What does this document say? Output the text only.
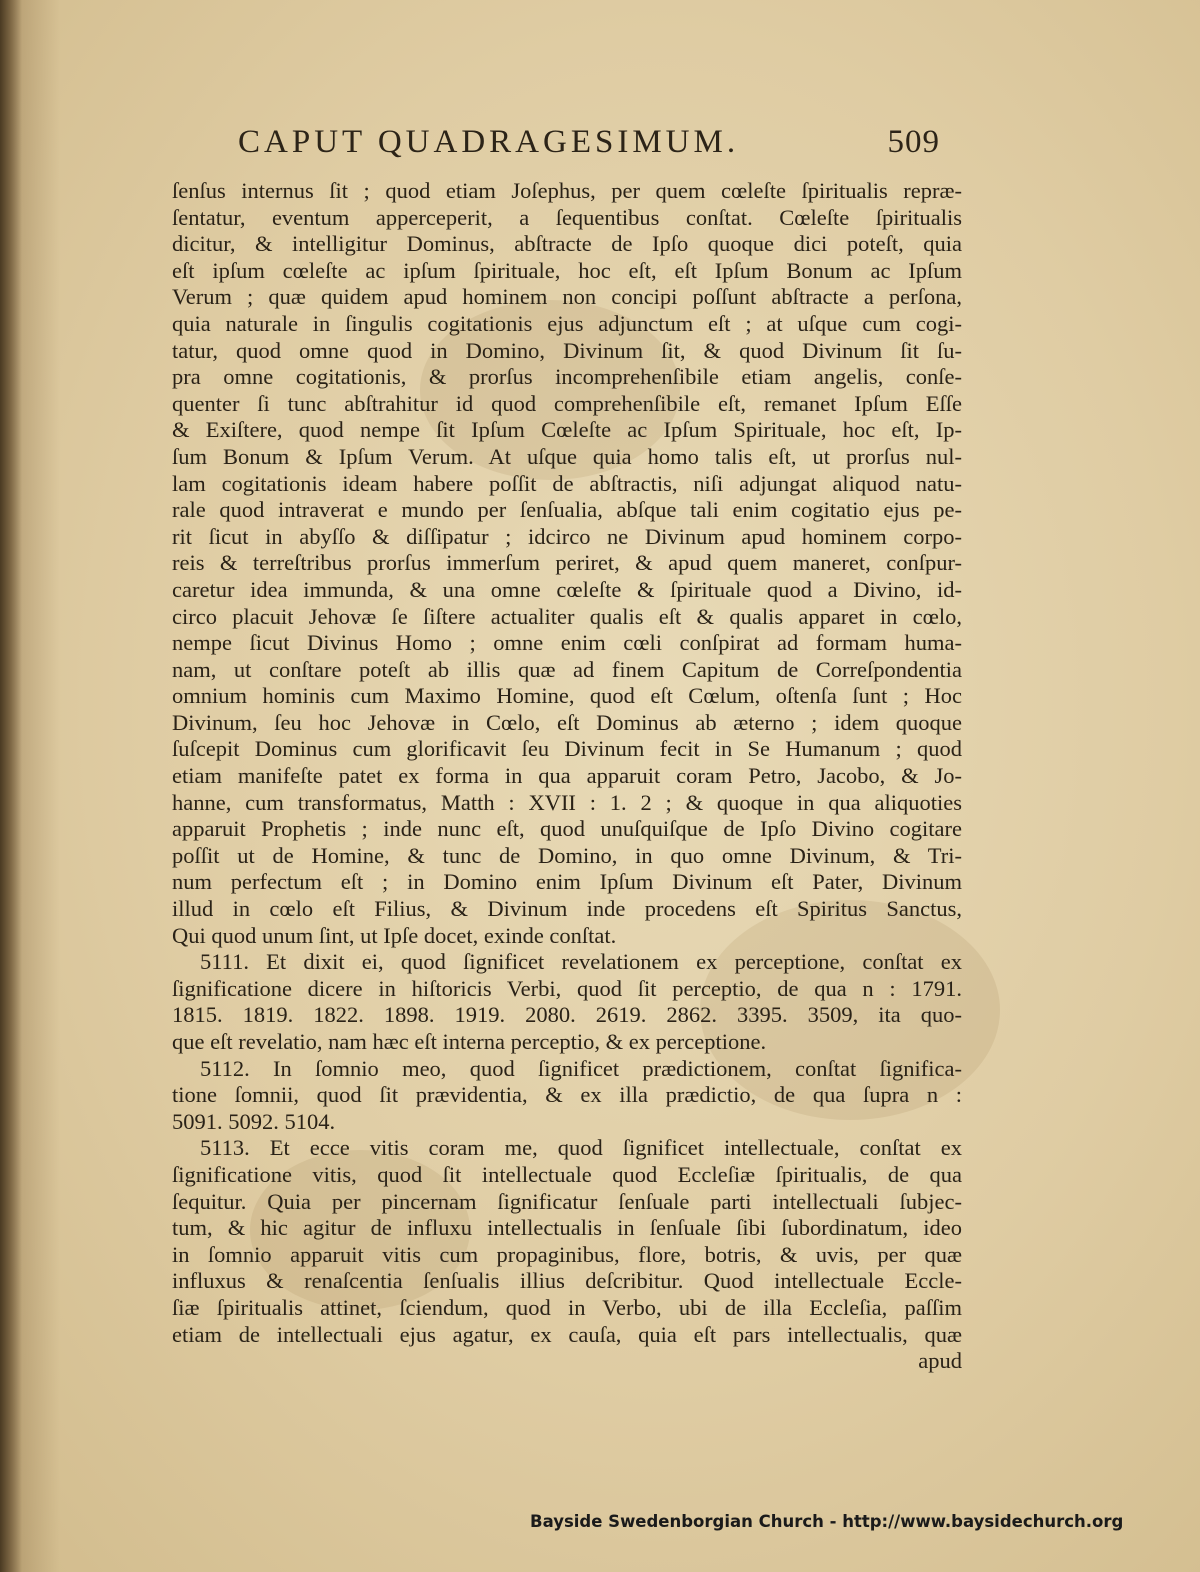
CAPUT QUADRAGESIMUM.	509
ſenſus internus ſit ; quod etiam Joſephus, per quem cœleſte ſpiritualis repræ-
ſentatur, eventum apperceperit, a ſequentibus conſtat. Cœleſte ſpiritualis
dicitur, & intelligitur Dominus, abſtracte de Ipſo quoque dici poteſt, quia
eſt ipſum cœleſte ac ipſum ſpirituale, hoc eſt, eſt Ipſum Bonum ac Ipſum
Verum ; quæ quidem apud hominem non concipi poſſunt abſtracte a perſona,
quia naturale in ſingulis cogitationis ejus adjunctum eſt ; at uſque cum cogi-
tatur, quod omne quod in Domino, Divinum ſit, & quod Divinum ſit ſu-
pra omne cogitationis, & prorſus incomprehenſibile etiam angelis, conſe-
quenter ſi tunc abſtrahitur id quod comprehenſibile eſt, remanet Ipſum Eſſe
& Exiſtere, quod nempe ſit Ipſum Cœleſte ac Ipſum Spirituale, hoc eſt, Ip-
ſum Bonum & Ipſum Verum. At uſque quia homo talis eſt, ut prorſus nul-
lam cogitationis ideam habere poſſit de abſtractis, niſi adjungat aliquod natu-
rale quod intraverat e mundo per ſenſualia, abſque tali enim cogitatio ejus pe-
rit ſicut in abyſſo & diſſipatur ; idcirco ne Divinum apud hominem corpo-
reis & terreſtribus prorſus immerſum periret, & apud quem maneret, conſpur-
caretur idea immunda, & una omne cœleſte & ſpirituale quod a Divino, id-
circo placuit Jehovæ ſe ſiſtere actualiter qualis eſt & qualis apparet in cœlo,
nempe ſicut Divinus Homo ; omne enim cœli conſpirat ad formam huma-
nam, ut conſtare poteſt ab illis quæ ad finem Capitum de Correſpondentia
omnium hominis cum Maximo Homine, quod eſt Cœlum, oſtenſa ſunt ; Hoc
Divinum, ſeu hoc Jehovæ in Cœlo, eſt Dominus ab æterno ; idem quoque
ſuſcepit Dominus cum glorificavit ſeu Divinum fecit in Se Humanum ; quod
etiam manifeſte patet ex forma in qua apparuit coram Petro, Jacobo, & Jo-
hanne, cum transformatus, Matth : XVII : 1. 2 ; & quoque in qua aliquoties
apparuit Prophetis ; inde nunc eſt, quod unuſquiſque de Ipſo Divino cogitare
poſſit ut de Homine, & tunc de Domino, in quo omne Divinum, & Tri-
num perfectum eſt ; in Domino enim Ipſum Divinum eſt Pater, Divinum
illud in cœlo eſt Filius, & Divinum inde procedens eſt Spiritus Sanctus,
Qui quod unum ſint, ut Ipſe docet, exinde conſtat.
5111. Et dixit ei, quod ſignificet revelationem ex perceptione, conſtat ex
ſignificatione dicere in hiſtoricis Verbi, quod ſit perceptio, de qua n : 1791.
1815. 1819. 1822. 1898. 1919. 2080. 2619. 2862. 3395. 3509, ita quo-
que eſt revelatio, nam hæc eſt interna perceptio, & ex perceptione.
5112. In ſomnio meo, quod ſignificet prædictionem, conſtat ſignifica-
tione ſomnii, quod ſit prævidentia, & ex illa prædictio, de qua ſupra n :
5091. 5092. 5104.
5113. Et ecce vitis coram me, quod ſignificet intellectuale, conſtat ex
ſignificatione vitis, quod ſit intellectuale quod Eccleſiæ ſpiritualis, de qua
ſequitur. Quia per pincernam ſignificatur ſenſuale parti intellectuali ſubjec-
tum, & hic agitur de influxu intellectualis in ſenſuale ſibi ſubordinatum, ideo
in ſomnio apparuit vitis cum propaginibus, flore, botris, & uvis, per quæ
influxus & renaſcentia ſenſualis illius deſcribitur. Quod intellectuale Eccle-
ſiæ ſpiritualis attinet, ſciendum, quod in Verbo, ubi de illa Eccleſia, paſſim
etiam de intellectuali ejus agatur, ex cauſa, quia eſt pars intellectualis, quæ
apud
Bayside Swedenborgian Church - http://www.baysidechurch.org
